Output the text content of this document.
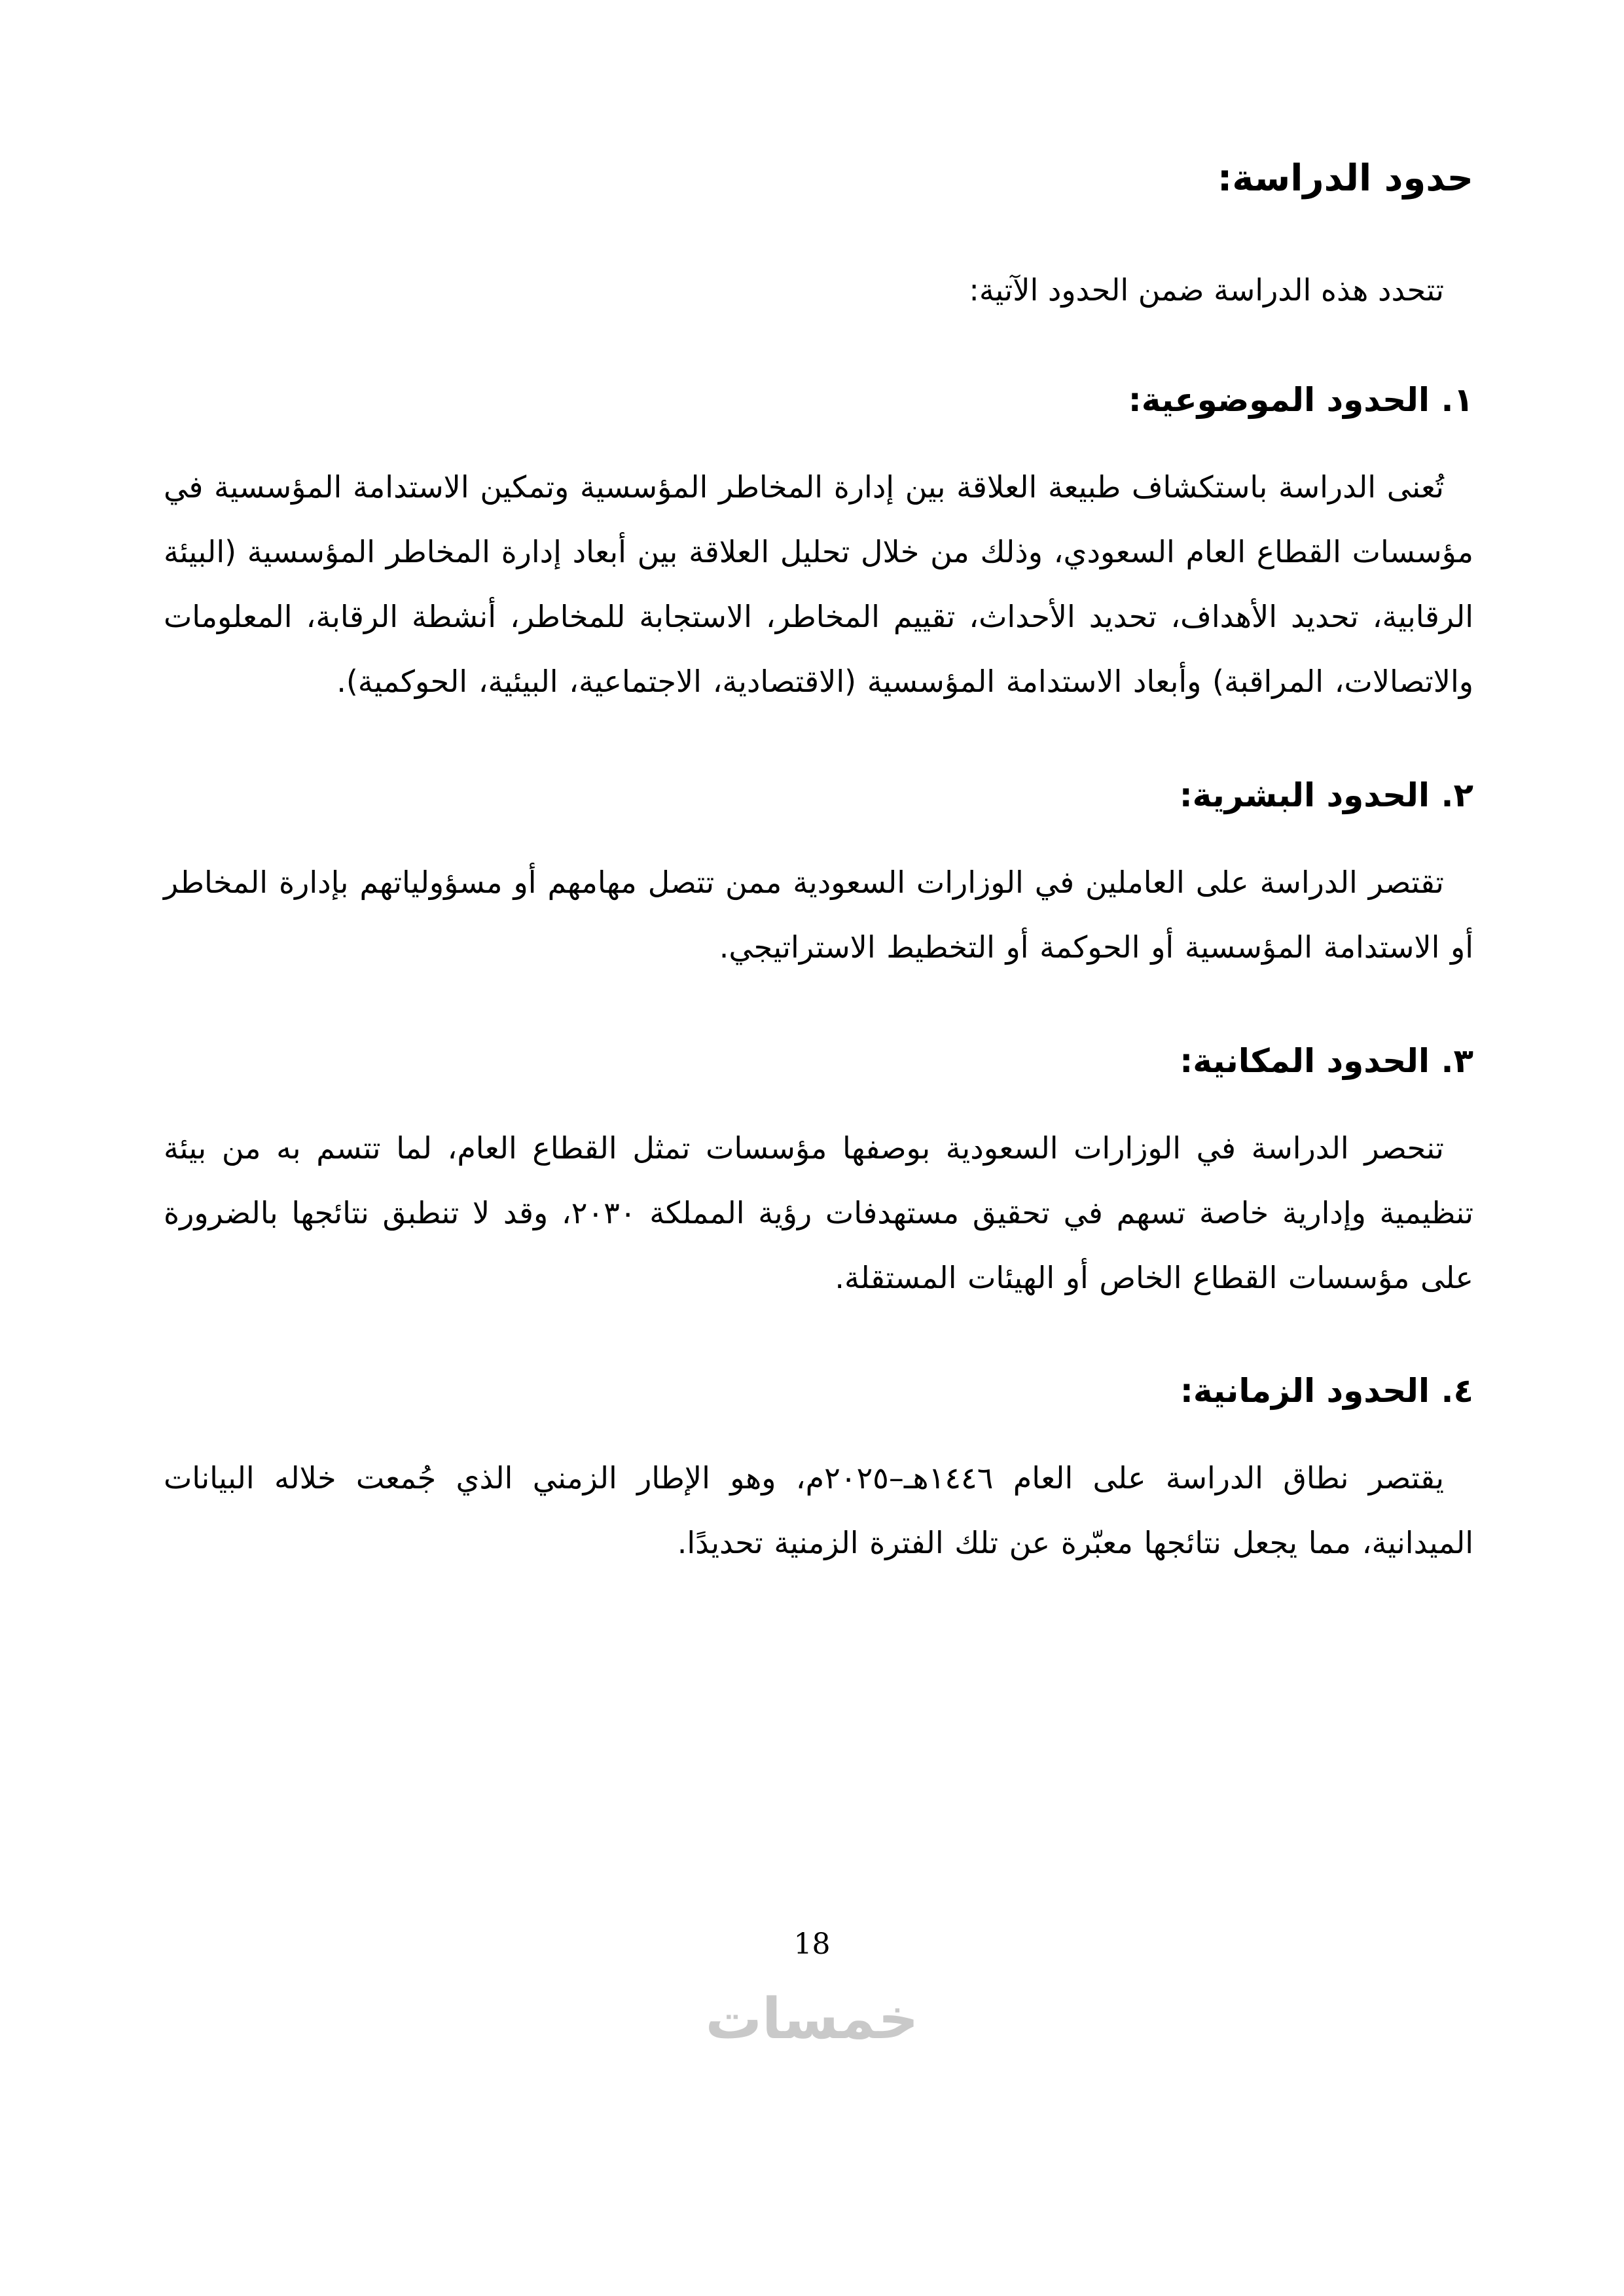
حدود الدراسة:

تتحدد هذه الدراسة ضمن الحدود الآتية:

١. الحدود الموضوعية:

تُعنى الدراسة باستكشاف طبيعة العلاقة بين إدارة المخاطر المؤسسية وتمكين الاستدامة المؤسسية في مؤسسات القطاع العام السعودي، وذلك من خلال تحليل العلاقة بين أبعاد إدارة المخاطر المؤسسية (البيئة الرقابية، تحديد الأهداف، تحديد الأحداث، تقييم المخاطر، الاستجابة للمخاطر، أنشطة الرقابة، المعلومات والاتصالات، المراقبة) وأبعاد الاستدامة المؤسسية (الاقتصادية، الاجتماعية، البيئية، الحوكمية).

٢. الحدود البشرية:

تقتصر الدراسة على العاملين في الوزارات السعودية ممن تتصل مهامهم أو مسؤولياتهم بإدارة المخاطر أو الاستدامة المؤسسية أو الحوكمة أو التخطيط الاستراتيجي.

٣. الحدود المكانية:

تنحصر الدراسة في الوزارات السعودية بوصفها مؤسسات تمثل القطاع العام، لما تتسم به من بيئة تنظيمية وإدارية خاصة تسهم في تحقيق مستهدفات رؤية المملكة ٢٠٣٠، وقد لا تنطبق نتائجها بالضرورة على مؤسسات القطاع الخاص أو الهيئات المستقلة.

٤. الحدود الزمانية:

يقتصر نطاق الدراسة على العام ١٤٤٦هـ–٢٠٢٥م، وهو الإطار الزمني الذي جُمعت خلاله البيانات الميدانية، مما يجعل نتائجها معبّرة عن تلك الفترة الزمنية تحديدًا.

18
خمسات
